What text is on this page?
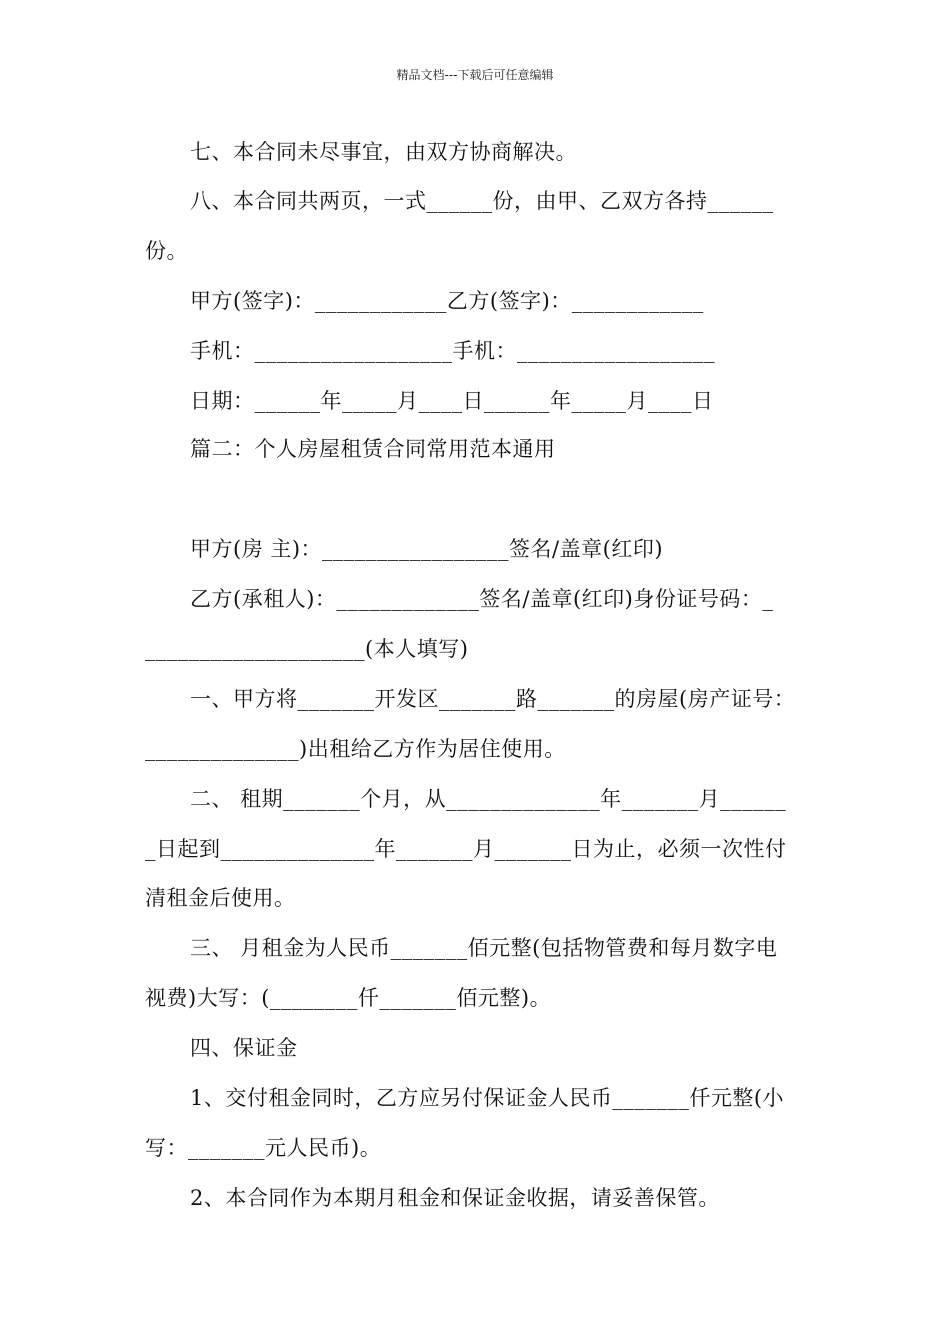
精品文档---下载后可任意编辑
七、本合同未尽事宜，由双方协商解决。
八、本合同共两页，一式______份，由甲、乙双方各持______
份。
甲方(签字)：____________乙方(签字)：____________
手机：__________________手机：__________________
日期：______年_____月____日______年_____月____日
篇二：个人房屋租赁合同常用范本通用
甲方(房 主)：_________________签名/盖章(红印)
乙方(承租人)：_____________签名/盖章(红印)身份证号码：_
____________________(本人填写)
一、甲方将_______开发区_______路_______的房屋(房产证号：
______________)出租给乙方作为居住使用。
二、 租期_______个月，从______________年_______月______
_日起到______________年_______月_______日为止，必须一次性付
清租金后使用。
三、 月租金为人民币_______佰元整(包括物管费和每月数字电
视费)大写：(________仟_______佰元整)。
四、保证金
1、交付租金同时，乙方应另付保证金人民币_______仟元整(小
写：_______元人民币)。
2、本合同作为本期月租金和保证金收据，请妥善保管。
